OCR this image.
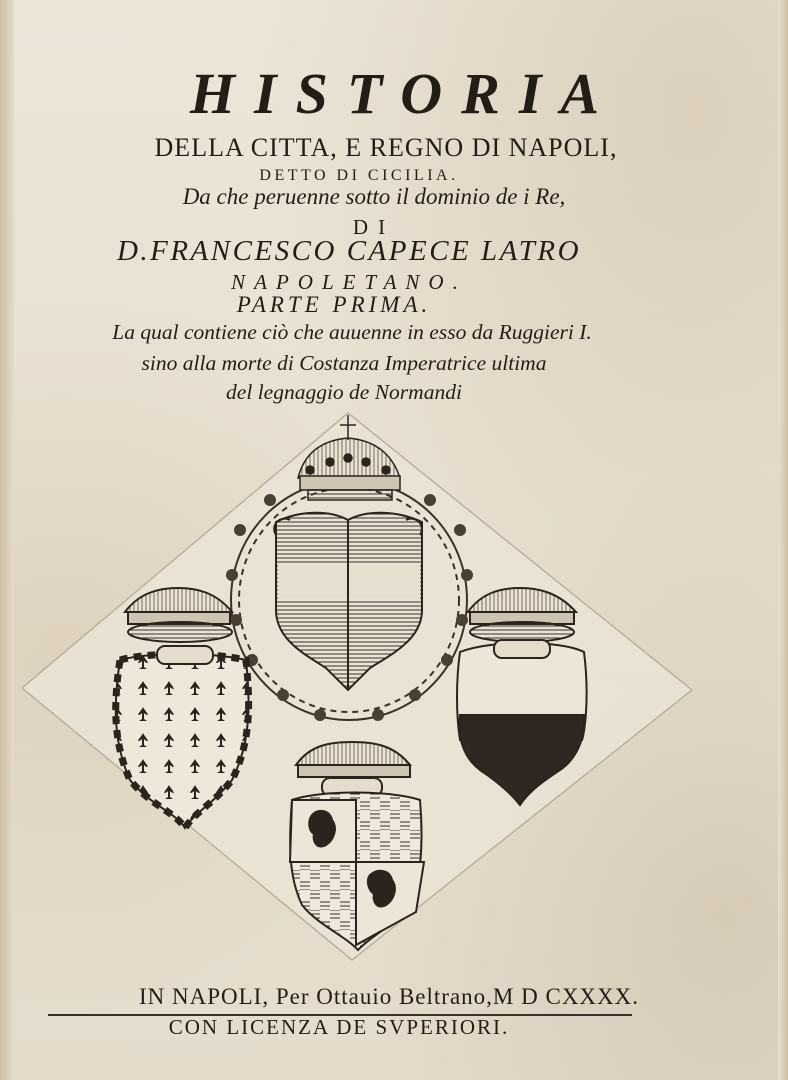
HISTORIA
DELLA CITTA, E REGNO DI NAPOLI,
DETTO DI CICILIA.
Da che peruenne sotto il dominio de i Re,
DI
D.FRANCESCO CAPECE LATRO
NAPOLETANO.
PARTE PRIMA.
La qual contiene ciò che auuenne in esso da Ruggieri I.
sino alla morte di Costanza Imperatrice ultima
del legnaggio de Normandi
IN NAPOLI, Per Ottauio Beltrano,M D CXXXX.
CON LICENZA DE SVPERIORI.
